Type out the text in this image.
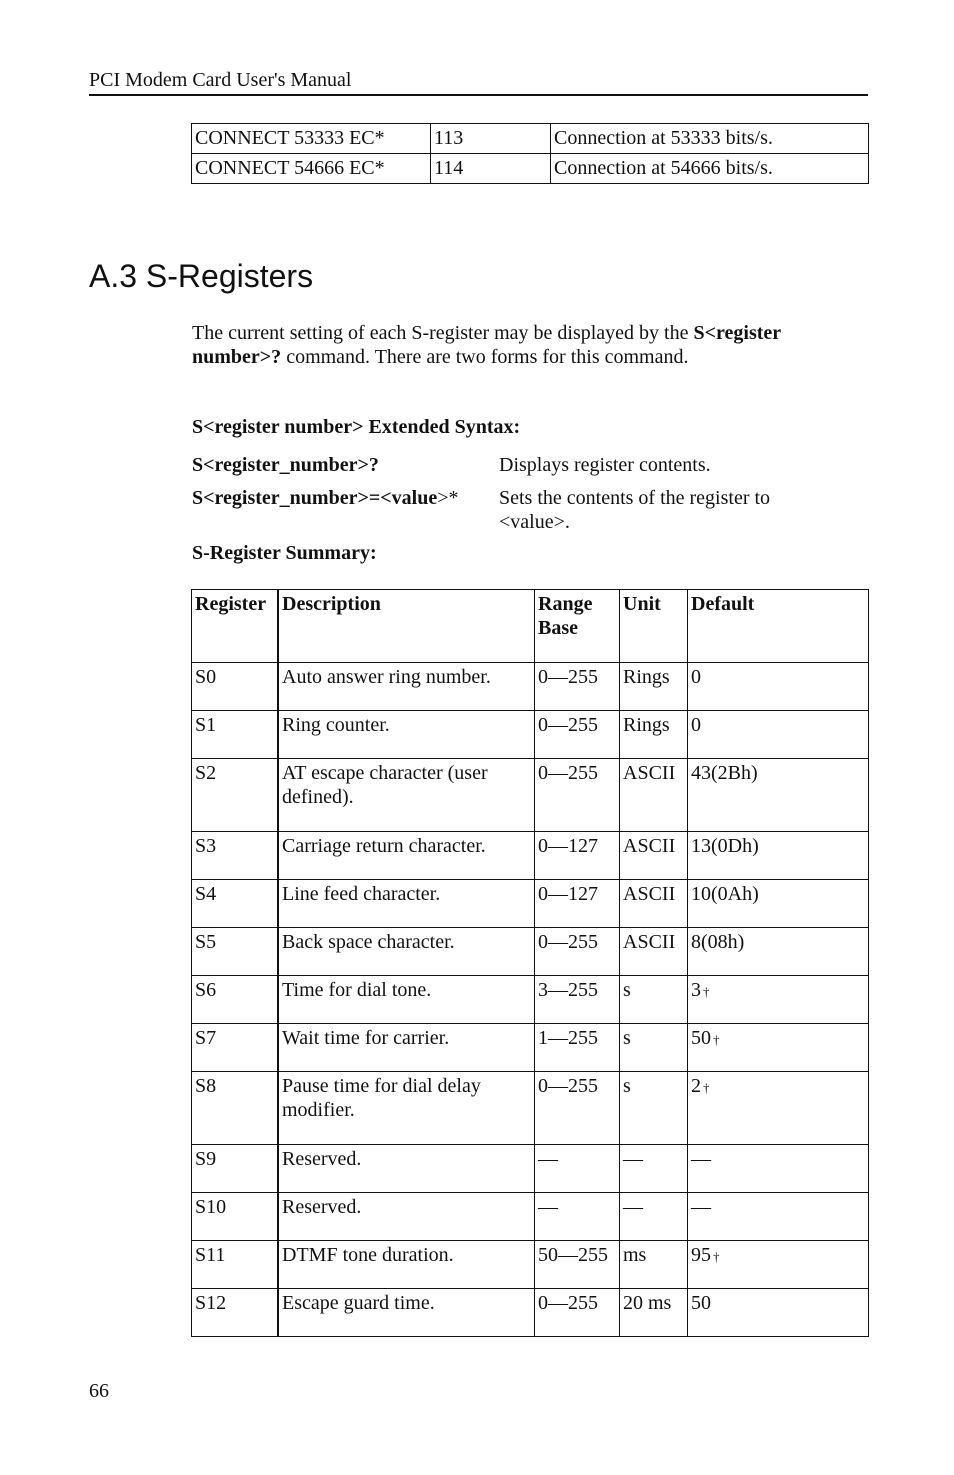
PCI Modem Card User's Manual
CONNECT 53333 EC*	113	Connection at 53333 bits/s.
CONNECT 54666 EC*	114	Connection at 54666 bits/s.
A.3 S-Registers

The current setting of each S-register may be displayed by the S<register number>? command. There are two forms for this command.

S<register number> Extended Syntax:

S<register_number>?	Displays register contents.
S<register_number>=<value>* Sets the contents of the register to <value>.

S-Register Summary:

Register	Description	Range Base	Unit	Default
S0	Auto answer ring number.	0—255	Rings	0
S1	Ring counter.	0—255	Rings	0
S2	AT escape character (user defined).	0—255	ASCII	43(2Bh)
S3	Carriage return character.	0—127	ASCII	13(0Dh)
S4	Line feed character.	0—127	ASCII	10(0Ah)
S5	Back space character.	0—255	ASCII	8(08h)
S6	Time for dial tone.	3—255	s	3 †
S7	Wait time for carrier.	1—255	s	50 †
S8	Pause time for dial delay modifier.	0—255	s	2 †
S9	Reserved.	—	—	—
S10	Reserved.	—	—	—
S11	DTMF tone duration.	50—255	ms	95 †
S12	Escape guard time.	0—255	20 ms	50
66
